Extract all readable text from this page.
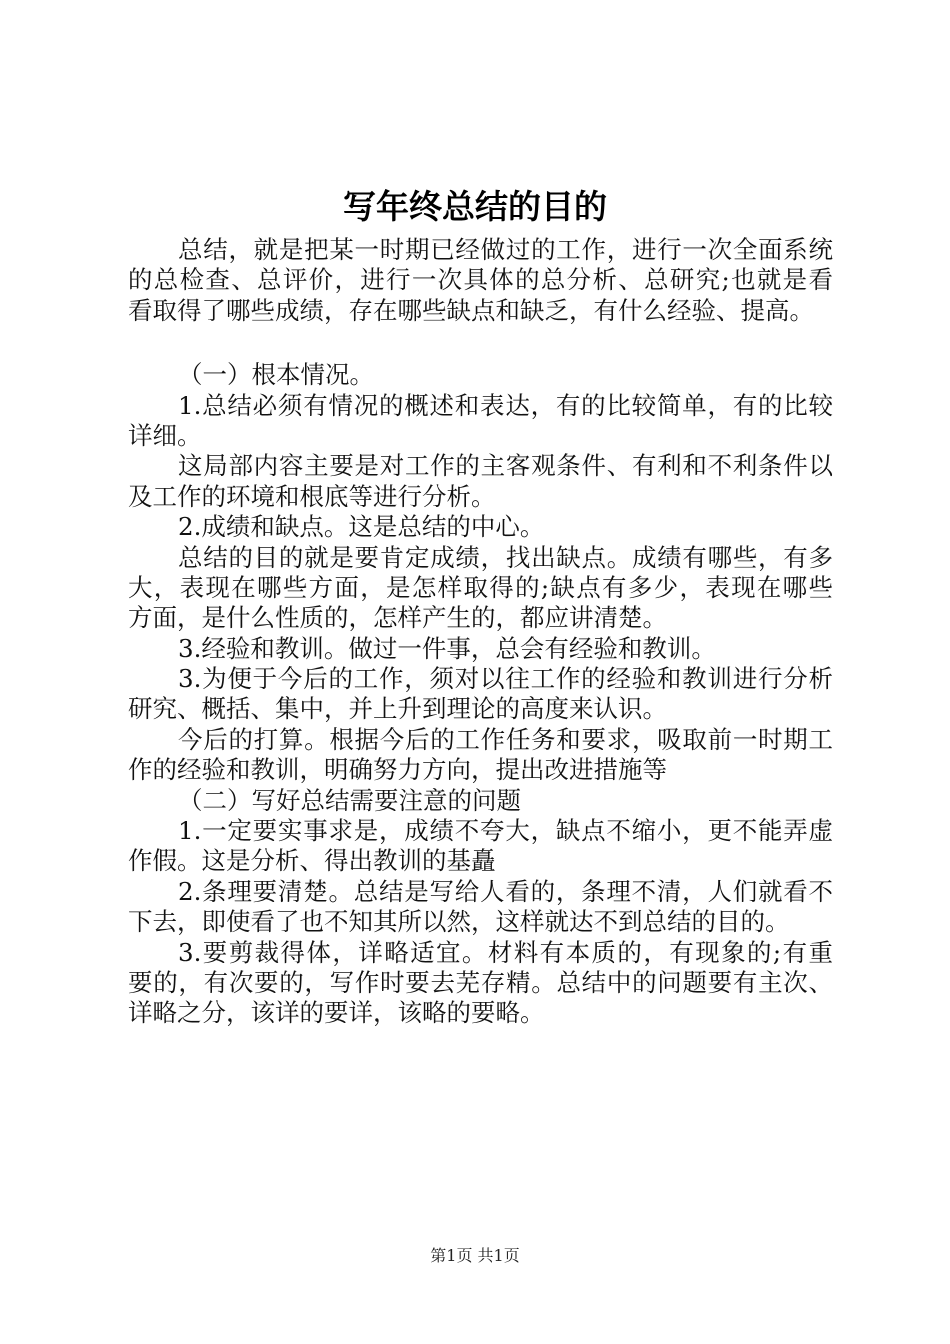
写年终总结的目的
总结，就是把某一时期已经做过的工作，进行一次全面系统
的总检查、总评价，进行一次具体的总分析、总研究;也就是看
看取得了哪些成绩，存在哪些缺点和缺乏，有什么经验、提高。
（一）根本情况。
1.总结必须有情况的概述和表达，有的比较简单，有的比较
详细。
这局部内容主要是对工作的主客观条件、有利和不利条件以
及工作的环境和根底等进行分析。
2.成绩和缺点。这是总结的中心。
总结的目的就是要肯定成绩，找出缺点。成绩有哪些，有多
大，表现在哪些方面，是怎样取得的;缺点有多少，表现在哪些
方面，是什么性质的，怎样产生的，都应讲清楚。
3.经验和教训。做过一件事，总会有经验和教训。
3.为便于今后的工作，须对以往工作的经验和教训进行分析
研究、概括、集中，并上升到理论的高度来认识。
今后的打算。根据今后的工作任务和要求，吸取前一时期工
作的经验和教训，明确努力方向，提出改进措施等
（二）写好总结需要注意的问题
1.一定要实事求是，成绩不夸大，缺点不缩小，更不能弄虚
作假。这是分析、得出教训的基矗
2.条理要清楚。总结是写给人看的，条理不清，人们就看不
下去，即使看了也不知其所以然，这样就达不到总结的目的。
3.要剪裁得体，详略适宜。材料有本质的，有现象的;有重
要的，有次要的，写作时要去芜存精。总结中的问题要有主次、
详略之分，该详的要详，该略的要略。
第1页 共1页
